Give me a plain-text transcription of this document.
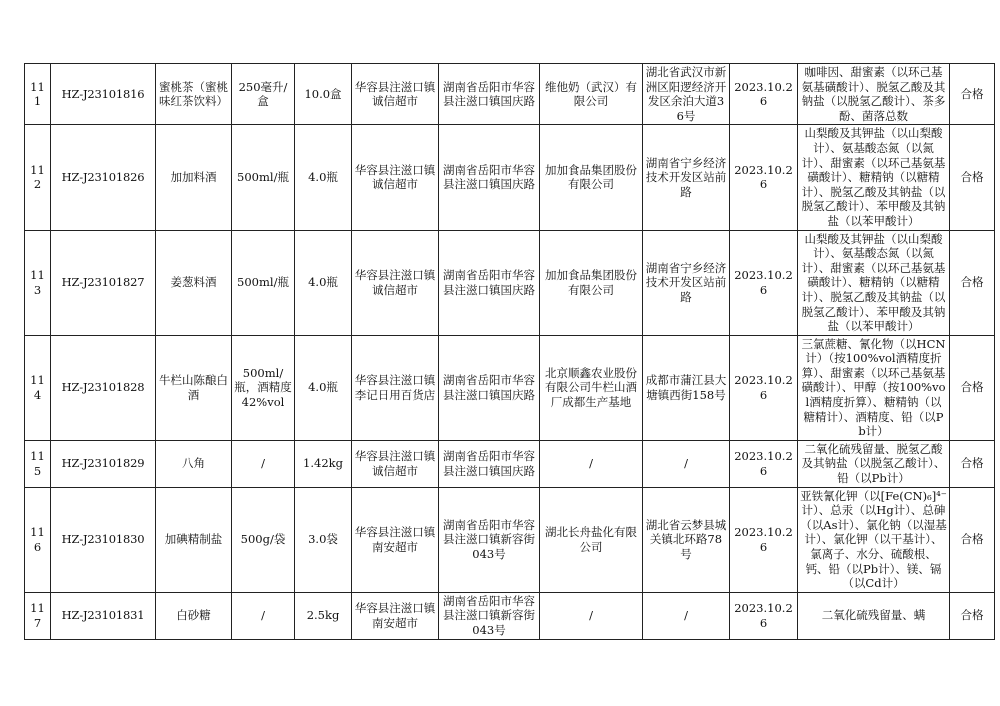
111	HZ-J23101816	蜜桃茶（蜜桃味红茶饮料）	250毫升/盒	10.0盒	华容县注滋口镇诚信超市	湖南省岳阳市华容县注滋口镇国庆路	维他奶（武汉）有限公司	湖北省武汉市新洲区阳逻经济开发区余泊大道36号	2023.10.26	咖啡因、甜蜜素（以环己基氨基磺酸计）、脱氢乙酸及其钠盐（以脱氢乙酸计）、茶多酚、菌落总数	合格
112	HZ-J23101826	加加料酒	500ml/瓶	4.0瓶	华容县注滋口镇诚信超市	湖南省岳阳市华容县注滋口镇国庆路	加加食品集团股份有限公司	湖南省宁乡经济技术开发区站前路	2023.10.26	山梨酸及其钾盐（以山梨酸计）、氨基酸态氮（以氮计）、甜蜜素（以环己基氨基磺酸计）、糖精钠（以糖精计）、脱氢乙酸及其钠盐（以脱氢乙酸计）、苯甲酸及其钠盐（以苯甲酸计）	合格
113	HZ-J23101827	姜葱料酒	500ml/瓶	4.0瓶	华容县注滋口镇诚信超市	湖南省岳阳市华容县注滋口镇国庆路	加加食品集团股份有限公司	湖南省宁乡经济技术开发区站前路	2023.10.26	山梨酸及其钾盐（以山梨酸计）、氨基酸态氮（以氮计）、甜蜜素（以环己基氨基磺酸计）、糖精钠（以糖精计）、脱氢乙酸及其钠盐（以脱氢乙酸计）、苯甲酸及其钠盐（以苯甲酸计）	合格
114	HZ-J23101828	牛栏山陈酿白酒	500ml/瓶，酒精度42%vol	4.0瓶	华容县注滋口镇李记日用百货店	湖南省岳阳市华容县注滋口镇国庆路	北京顺鑫农业股份有限公司牛栏山酒厂成都生产基地	成都市蒲江县大塘镇西街158号	2023.10.26	三氯蔗糖、氰化物（以HCN计）（按100%vol酒精度折算）、甜蜜素（以环己基氨基磺酸计）、甲醇（按100%vol酒精度折算）、糖精钠（以糖精计）、酒精度、铅（以Pb计）	合格
115	HZ-J23101829	八角	/	1.42kg	华容县注滋口镇诚信超市	湖南省岳阳市华容县注滋口镇国庆路	/	/	2023.10.26	二氧化硫残留量、脱氢乙酸及其钠盐（以脱氢乙酸计）、铅（以Pb计）	合格
116	HZ-J23101830	加碘精制盐	500g/袋	3.0袋	华容县注滋口镇南安超市	湖南省岳阳市华容县注滋口镇新容街043号	湖北长舟盐化有限公司	湖北省云梦县城关镇北环路78号	2023.10.26	亚铁氰化钾（以[Fe(CN)₆]⁴⁻计）、总汞（以Hg计）、总砷（以As计）、氯化钠（以湿基计）、氯化钾（以干基计）、氯离子、水分、硫酸根、钙、铅（以Pb计）、镁、镉（以Cd计）	合格
117	HZ-J23101831	白砂糖	/	2.5kg	华容县注滋口镇南安超市	湖南省岳阳市华容县注滋口镇新容街043号	/	/	2023.10.26	二氧化硫残留量、螨	合格
